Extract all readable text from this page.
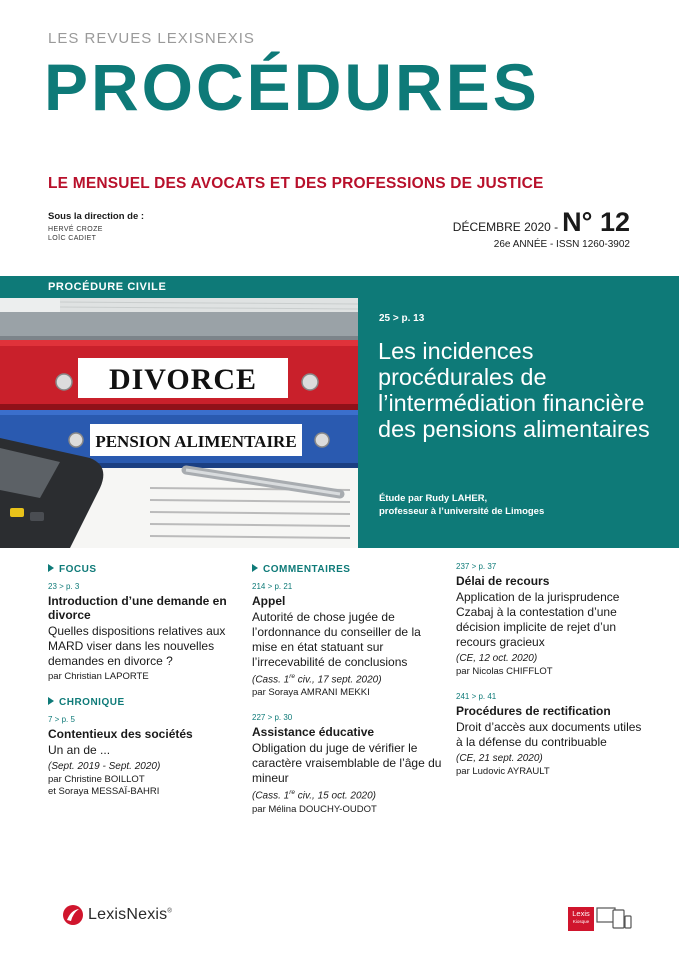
LES REVUES LEXISNEXIS
PROCÉDURES
LE MENSUEL DES AVOCATS ET DES PROFESSIONS DE JUSTICE
Sous la direction de :
HERVÉ CROZE
LOÏC CADIET
DÉCEMBRE 2020 - N° 12
26e ANNÉE - ISSN 1260-3902
DIVORCE
PENSION ALIMENTAIRE
PROCÉDURE CIVILE
25 > p. 13
Les incidences procédurales de l’intermédiation financière des pensions alimentaires
Étude par Rudy LAHER,
professeur à l’université de Limoges
FOCUS
23 > p. 3
Introduction d’une demande en divorce
Quelles dispositions relatives aux MARD viser dans les nouvelles demandes en divorce ?
par Christian LAPORTE
CHRONIQUE
7 > p. 5
Contentieux des sociétés
Un an de ...
(Sept. 2019 - Sept. 2020)
par Christine BOILLOT
et Soraya MESSAÏ-BAHRI
COMMENTAIRES
214 > p. 21
Appel
Autorité de chose jugée de l’ordonnance du conseiller de la mise en état statuant sur l’irrecevabilité de conclusions
(Cass. 1re civ., 17 sept. 2020)
par Soraya AMRANI MEKKI
227 > p. 30
Assistance éducative
Obligation du juge de vérifier le caractère vraisemblable de l’âge du mineur
(Cass. 1re civ., 15 oct. 2020)
par Mélina DOUCHY-OUDOT
237 > p. 37
Délai de recours
Application de la jurisprudence Czabaj à la contestation d’une décision implicite de rejet d’un recours gracieux
(CE, 12 oct. 2020)
par Nicolas CHIFFLOT
241 > p. 41
Procédures de rectification
Droit d’accès aux documents utiles à la défense du contribuable
(CE, 21 sept. 2020)
par Ludovic AYRAULT
LexisNexis®	Lexis
Kiosque
